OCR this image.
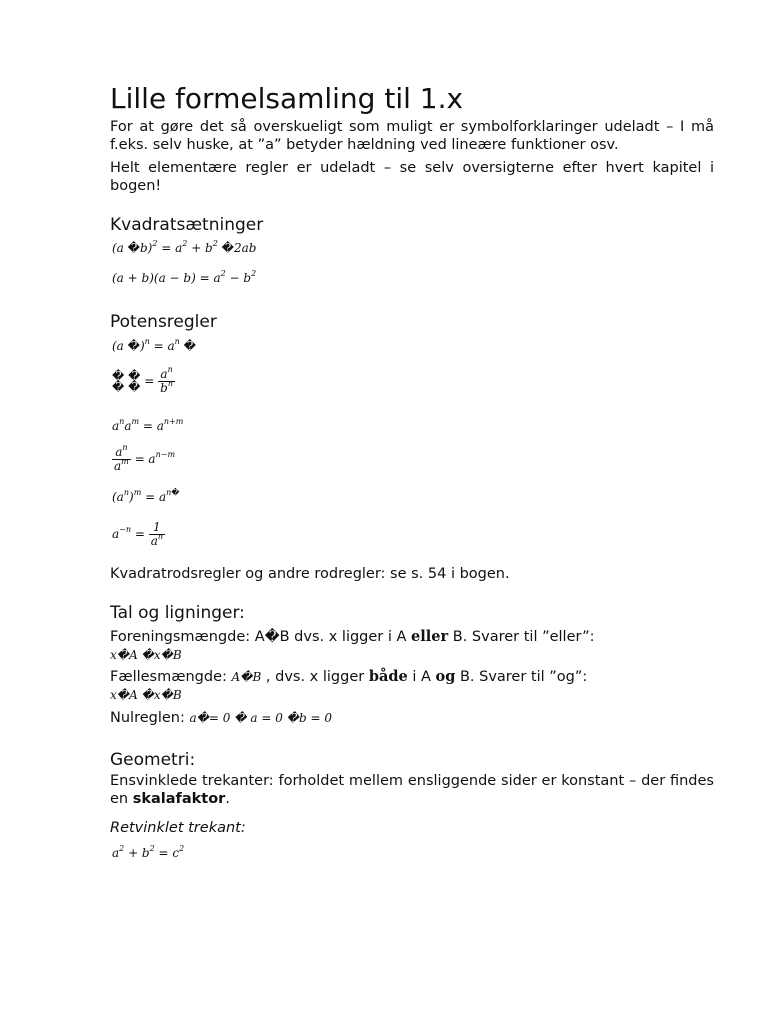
Lille formelsamling til 1.x

For at gøre det så overskueligt som muligt er symbolforklaringer udeladt – I må f.eks. selv huske, at ”a” betyder hældning ved lineære funktioner osv.

Helt elementære regler er udeladt – se selv oversigterne efter hvert kapitel i bogen!

Kvadratsætninger
(a �b)$^2$ = $a^2 + b^2$ �2ab
$(a + b)(a - b) = a^2 - b^2$
Potensregler
(a �)$^n$ = $a^n$ �
� �
� � = $\frac{a^n}{b^n}$
$a^na^m = a^{n+m}$
$\frac{a^n}{a^m} = a^{n-m}$
$(a^n)^m = a^{n�}$
$a^{-n} = \frac{1}{a^n}$

Kvadratrodsregler og andre rodregler: se s. 54 i bogen.

Tal og ligninger:
Foreningsmængde: A�B dvs. x ligger i A eller B. Svarer til ”eller”:
x�A �x�B
Fællesmængde: A�B , dvs. x ligger både i A og B. Svarer til ”og”:
x�A �x�B
Nulreglen: a�= 0 � a = 0 �b = 0
Geometri:

Ensvinklede trekanter: forholdet mellem ensliggende sider er konstant – der findes en skalafaktor.

Retvinklet trekant:
$a^2 + b^2 = c^2$
